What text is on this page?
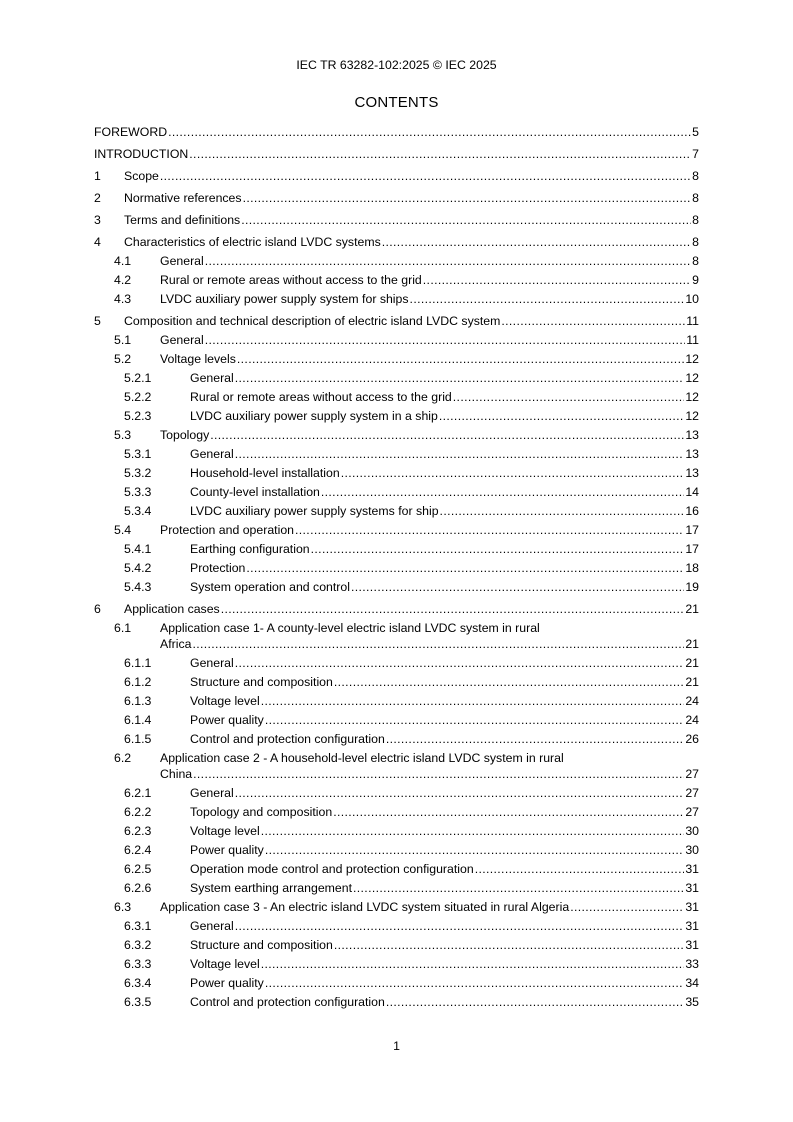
IEC TR 63282-102:2025 © IEC 2025
CONTENTS
FOREWORD .....	5
INTRODUCTION .....	7
1 Scope .....	8
2 Normative references .....	8
3 Terms and definitions .....	8
4 Characteristics of electric island LVDC systems .....	8
4.1 General .....	8
4.2 Rural or remote areas without access to the grid .....	9
4.3 LVDC auxiliary power supply system for ships .....	10
5 Composition and technical description of electric island LVDC system .....	11
5.1 General .....	11
5.2 Voltage levels .....	12
5.2.1	General .....	12
5.2.2	Rural or remote areas without access to the grid .....	12
5.2.3	LVDC auxiliary power supply system in a ship .....	12
5.3 Topology .....	13
5.3.1	General .....	13
5.3.2	Household-level installation .....	13
5.3.3	County-level installation .....	14
5.3.4	LVDC auxiliary power supply systems for ship .....	16
5.4 Protection and operation .....	17
5.4.1	Earthing configuration .....	17
5.4.2	Protection .....	18
5.4.3	System operation and control .....	19
6 Application cases .....	21
6.1 Application case 1- A county-level electric island LVDC system in rural
Africa .....	21
6.1.1	General .....	21
6.1.2	Structure and composition .....	21
6.1.3	Voltage level .....	24
6.1.4	Power quality .....	24
6.1.5	Control and protection configuration .....	26
6.2 Application case 2 - A household-level electric island LVDC system in rural
China .....	27
6.2.1	General .....	27
6.2.2	Topology and composition .....	27
6.2.3	Voltage level .....	30
6.2.4	Power quality .....	30
6.2.5	Operation mode control and protection configuration .....	31
6.2.6	System earthing arrangement .....	31
6.3 Application case 3 - An electric island LVDC system situated in rural Algeria .....	31
6.3.1	General .....	31
6.3.2	Structure and composition .....	31
6.3.3	Voltage level .....	33
6.3.4	Power quality .....	34
6.3.5	Control and protection configuration .....	35
1
